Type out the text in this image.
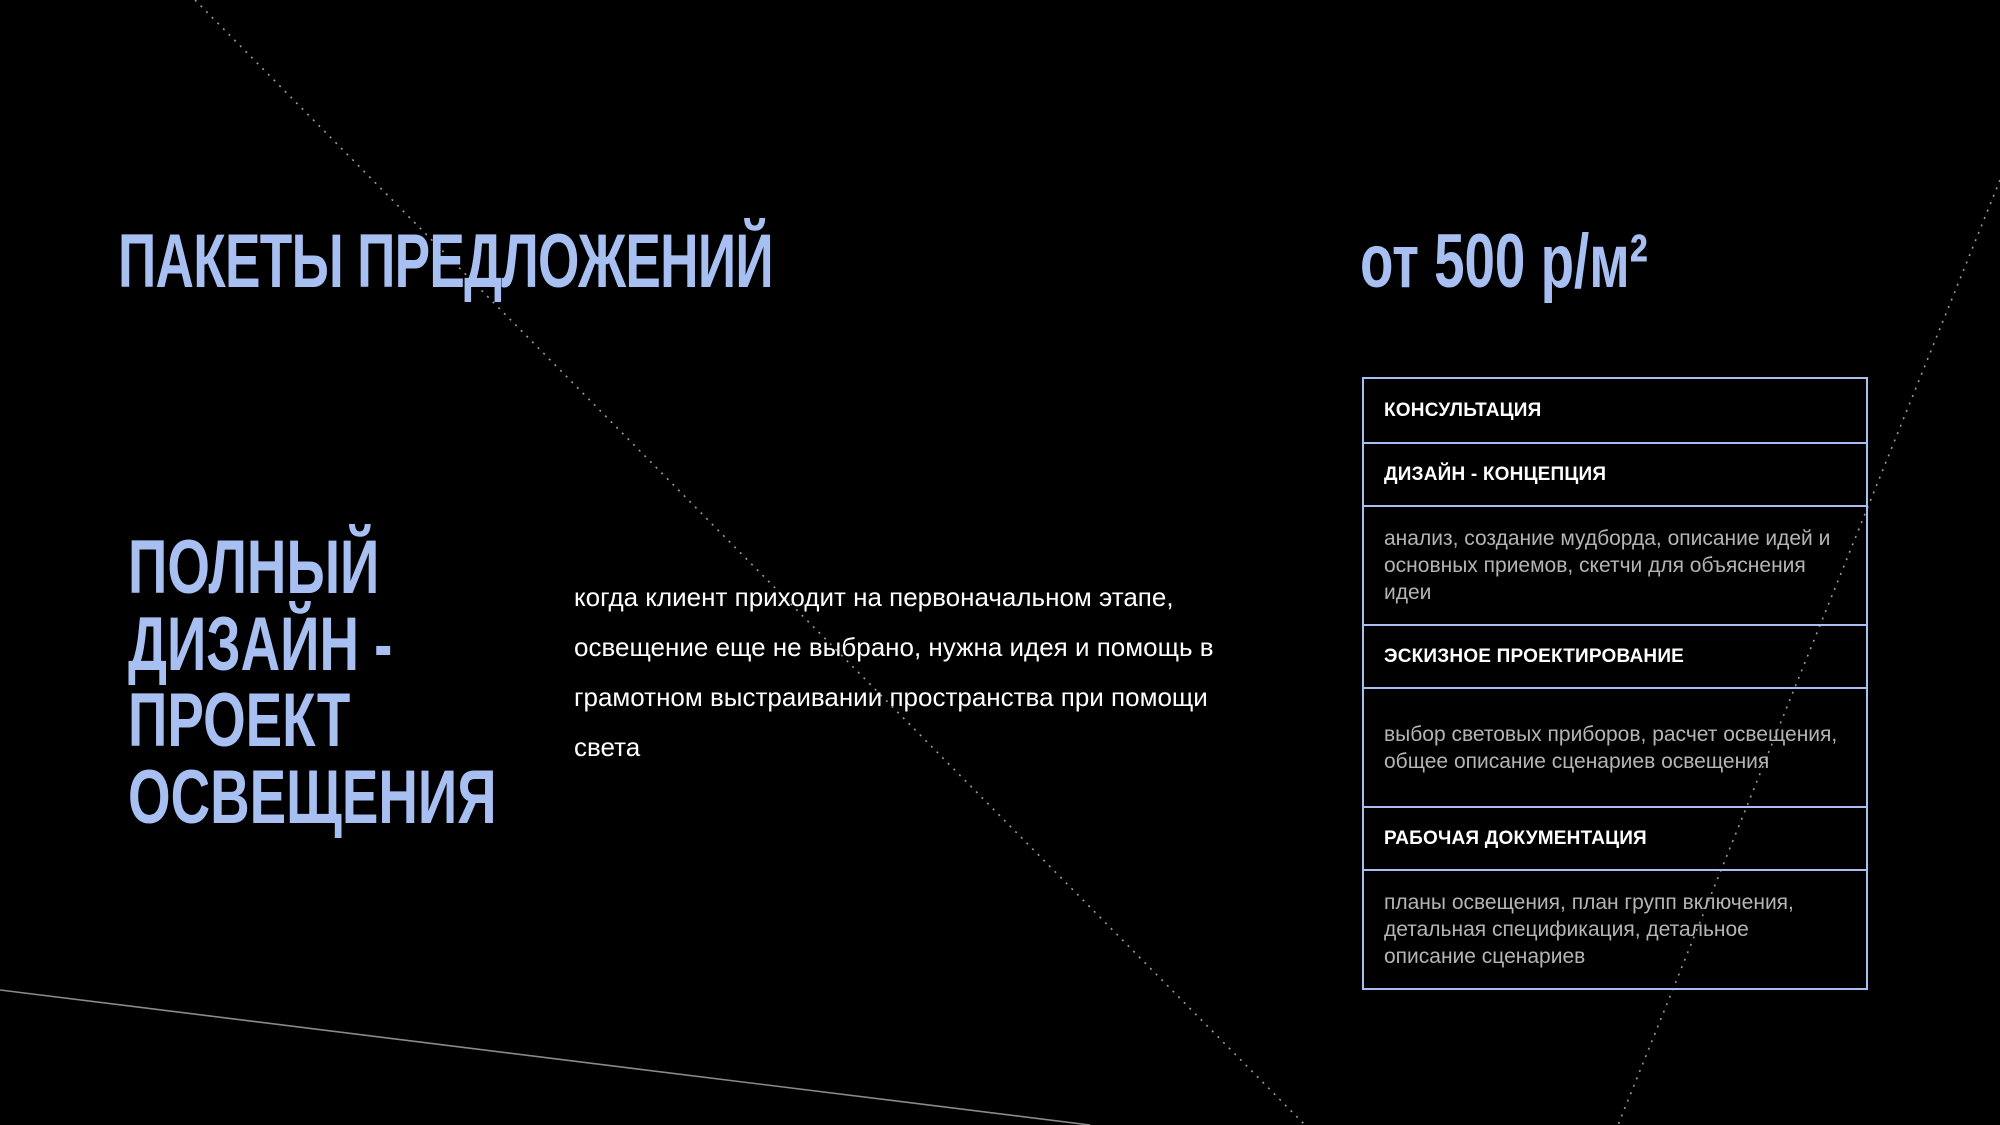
ПАКЕТЫ ПРЕДЛОЖЕНИЙ	от 500 р/м²
ПОЛНЫЙ
ДИЗАЙН -
ПРОЕКТ
ОСВЕЩЕНИЯ
когда клиент приходит на первоначальном этапе, освещение еще не выбрано, нужна идея и помощь в грамотном выстраивании пространства при помощи света
КОНСУЛЬТАЦИЯ
ДИЗАЙН - КОНЦЕПЦИЯ
анализ, создание мудборда, описание идей и основных приемов, скетчи для объяснения идеи
ЭСКИЗНОЕ ПРОЕКТИРОВАНИЕ
выбор световых приборов, расчет освещения, общее описание сценариев освещения
РАБОЧАЯ ДОКУМЕНТАЦИЯ
планы освещения, план групп включения, детальная спецификация, детальное описание сценариев
